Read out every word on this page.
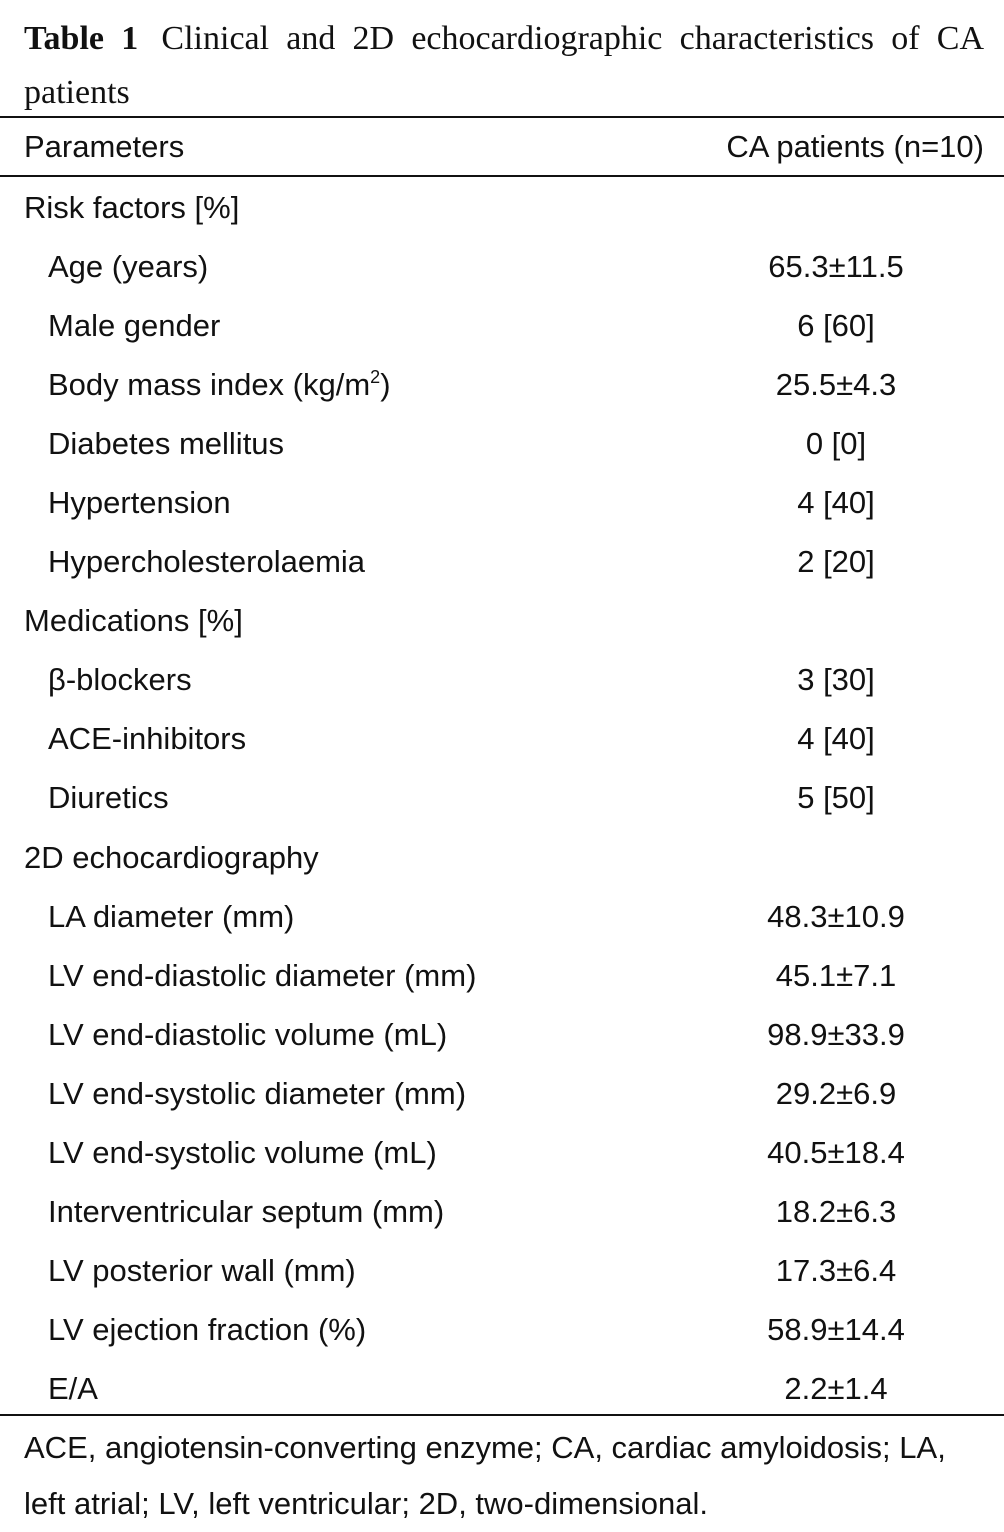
Table 1 Clinical and 2D echocardiographic characteristics of CA patients
Parameters	CA patients (n=10)
Risk factors [%]
Age (years)	65.3±11.5
Male gender	6 [60]
Body mass index $(kg/m^2)$	25.5±4.3
Diabetes mellitus	0 [0]
Hypertension	4 [40]
Hypercholesterolaemia	2 [20]
Medications [%]
β-blockers	3 [30]
ACE-inhibitors	4 [40]
Diuretics	5 [50]
2D echocardiography
LA diameter (mm)	48.3±10.9
LV end-diastolic diameter (mm)	45.1±7.1
LV end-diastolic volume (mL)	98.9±33.9
LV end-systolic diameter (mm)	29.2±6.9
LV end-systolic volume (mL)	40.5±18.4
Interventricular septum (mm)	18.2±6.3
LV posterior wall (mm)	17.3±6.4
LV ejection fraction (%)	58.9±14.4
E/A	2.2±1.4
ACE, angiotensin-converting enzyme; CA, cardiac amyloidosis; LA, left atrial; LV, left ventricular; 2D, two-dimensional.
